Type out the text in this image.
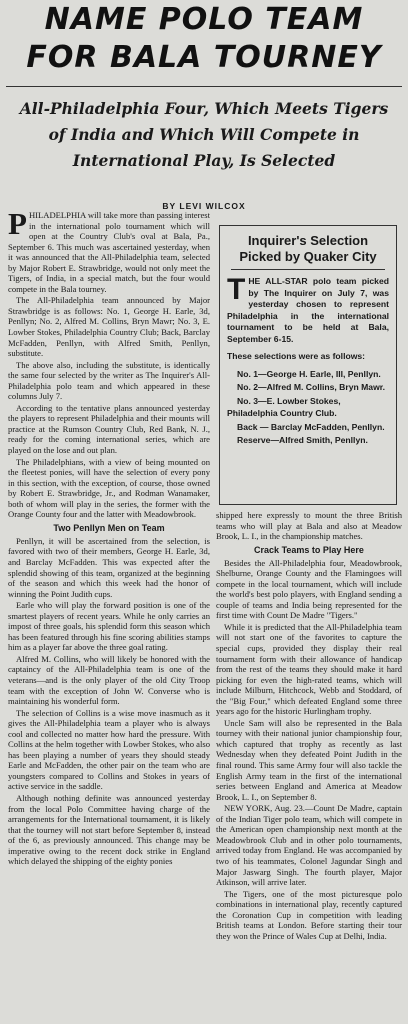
NAME POLO TEAM
FOR BALA TOURNEY
All-Philadelphia Four, Which Meets Tigers of India and Which Will Compete in International Play, Is Selected
BY LEVI WILCOX

PHILADELPHIA will take more than passing interest in the international polo tournament which will open at the Country Club's oval at Bala, Pa., September 6. This much was ascertained yesterday, when it was announced that the All-Philadelphia team, selected by Major Robert E. Strawbridge, would not only meet the Tigers, of India, in a special match, but the four would compete in the Bala tourney.

The All-Philadelphia team announced by Major Strawbridge is as follows: No. 1, George H. Earle, 3d, Penllyn; No. 2, Alfred M. Collins, Bryn Mawr; No. 3, E. Lowber Stokes, Philadelphia Country Club; Back, Barclay McFadden, Penllyn, with Alfred Smith, Penllyn, substitute.

The above also, including the substitute, is identically the same four selected by the writer as The Inquirer's All-Philadelphia polo team and which appeared in these columns July 7.

According to the tentative plans announced yesterday the players to represent Philadelphia and their mounts will practice at the Rumson Country Club, Red Bank, N. J., ready for the coming international series, which are played on the lose and out plan.

The Philadelphians, with a view of being mounted on the fleetest ponies, will have the selection of every pony in this section, with the exception, of course, those owned by Robert E. Strawbridge, Jr., and Rodman Wanamaker, both of whom will play in the series, the former with the Orange County four and the latter with Meadowbrook.

Two Penllyn Men on Team

Penllyn, it will be ascertained from the selection, is favored with two of their members, George H. Earle, 3d, and Barclay McFadden. This was expected after the splendid showing of this team, organized at the beginning of the season and which this week had the honor of winning the Point Judith cups.

Earle who will play the forward position is one of the smartest players of recent years. While he only carries an impost of three goals, his splendid form this season which has been featured through his fine scoring abilities stamps him as a player far above the three goal rating.

Alfred M. Collins, who will likely be honored with the captaincy of the All-Philadelphia team is one of the veterans—and is the only player of the old City Troop team with the exception of John W. Converse who is maintaining his wonderful form.

The selection of Collins is a wise move inasmuch as it gives the All-Philadelphia team a player who is always cool and collected no matter how hard the pressure. With Collins at the helm together with Lowber Stokes, who also has been playing a number of years they should steady Earle and McFadden, the other pair on the team who are youngsters compared to Collins and Stokes in years of active service in the saddle.

Although nothing definite was announced yesterday from the local Polo Committee having charge of the arrangements for the International tournament, it is likely that the tourney will not start before September 8, instead of the 6, as previously announced. This change may be imperative owing to the recent dock strike in England which delayed the shipping of the eighty ponies

Inquirer's Selection Picked by Quaker City

THE ALL-STAR polo team picked by The Inquirer on July 7, was yesterday chosen to represent Philadelphia in the international tournament to be held at Bala, September 6-15.

These selections were as follows:

No. 1—George H. Earle, III, Penllyn.
No. 2—Alfred M. Collins, Bryn Mawr.
No. 3—E. Lowber Stokes, Philadelphia Country Club.
Back — Barclay McFadden, Penllyn.
Reserve—Alfred Smith, Penllyn.

shipped here expressly to mount the three British teams who will play at Bala and also at Meadow Brook, L. I., in the championship matches.

Crack Teams to Play Here

Besides the All-Philadelphia four, Meadowbrook, Shelburne, Orange County and the Flamingoes will compete in the local tournament, which will include the world's best polo players, with England sending a couple of teams and India being represented for the first time with Count De Madre "Tigers."

While it is predicted that the All-Philadelphia team will not start one of the favorites to capture the special cups, provided they display their real tournament form with their allowance of handicap from the rest of the teams they should make it hard picking for even the high-rated teams, which will include Milburn, Hitchcock, Webb and Stoddard, of the "Big Four," which defeated England some three years ago for the historic Hurlingham trophy.

Uncle Sam will also be represented in the Bala tourney with their national junior championship four, which captured that trophy as recently as last Wednesday when they defeated Point Judith in the final round. This same Army four will also tackle the English Army team in the first of the international series between England and America at Meadow Brook, L. I., on September 8.

NEW YORK, Aug. 23.—Count De Madre, captain of the Indian Tiger polo team, which will compete in the American open championship next month at the Meadowbrook Club and in other polo tournaments, arrived today from England. He was accompanied by two of his teammates, Colonel Jagundar Singh and Major Jaswarg Singh. The fourth player, Major Atkinson, will arrive later.

The Tigers, one of the most picturesque polo combinations in international play, recently captured the Coronation Cup in competition with leading British teams at London. Before starting their tour they won the Prince of Wales Cup at Delhi, India.
